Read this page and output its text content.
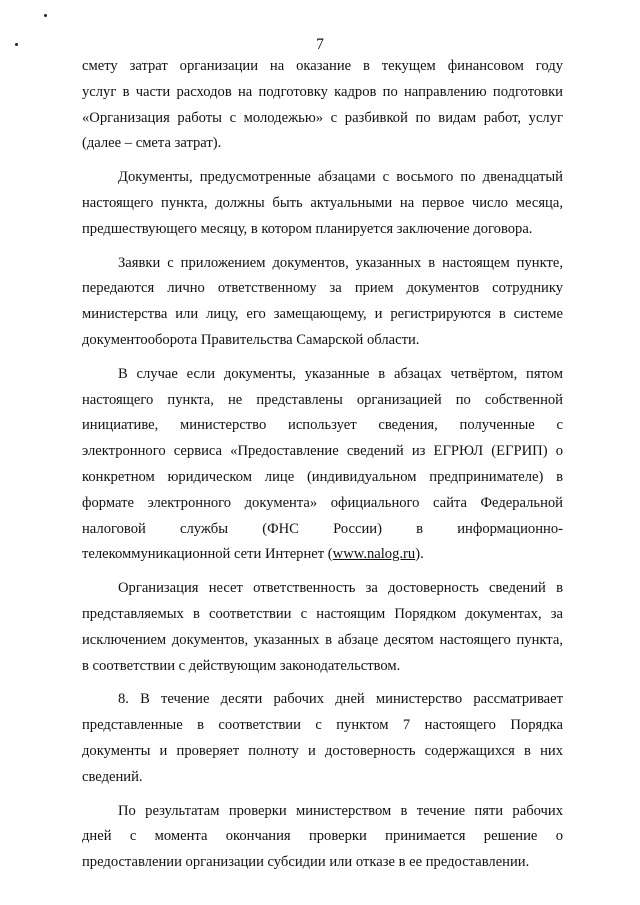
7
смету затрат организации на оказание в текущем финансовом году
услуг в части расходов на подготовку кадров по направлению подготовки
«Организация работы с молодежью» с разбивкой по видам работ, услуг
(далее – смета затрат).
Документы, предусмотренные абзацами с восьмого по двенадцатый
настоящего пункта, должны быть актуальными на первое число месяца,
предшествующего месяцу, в котором планируется заключение договора.
Заявки с приложением документов, указанных в настоящем пункте,
передаются лично ответственному за прием документов сотруднику
министерства или лицу, его замещающему, и регистрируются в системе
документооборота Правительства Самарской области.
В случае если документы, указанные в абзацах четвёртом, пятом
настоящего пункта, не представлены организацией по собственной
инициативе, министерство использует сведения, полученные с
электронного сервиса «Предоставление сведений из ЕГРЮЛ (ЕГРИП) о
конкретном юридическом лице (индивидуальном предпринимателе) в
формате электронного документа» официального сайта Федеральной
налоговой службы (ФНС России) в информационно-
телекоммуникационной сети Интернет (www.nalog.ru).
Организация несет ответственность за достоверность сведений в
представляемых в соответствии с настоящим Порядком документах, за
исключением документов, указанных в абзаце десятом настоящего пункта,
в соответствии с действующим законодательством.
8. В течение десяти рабочих дней министерство рассматривает
представленные в соответствии с пунктом 7 настоящего Порядка
документы и проверяет полноту и достоверность содержащихся в них
сведений.
По результатам проверки министерством в течение пяти рабочих
дней с момента окончания проверки принимается решение о
предоставлении организации субсидии или отказе в ее предоставлении.
